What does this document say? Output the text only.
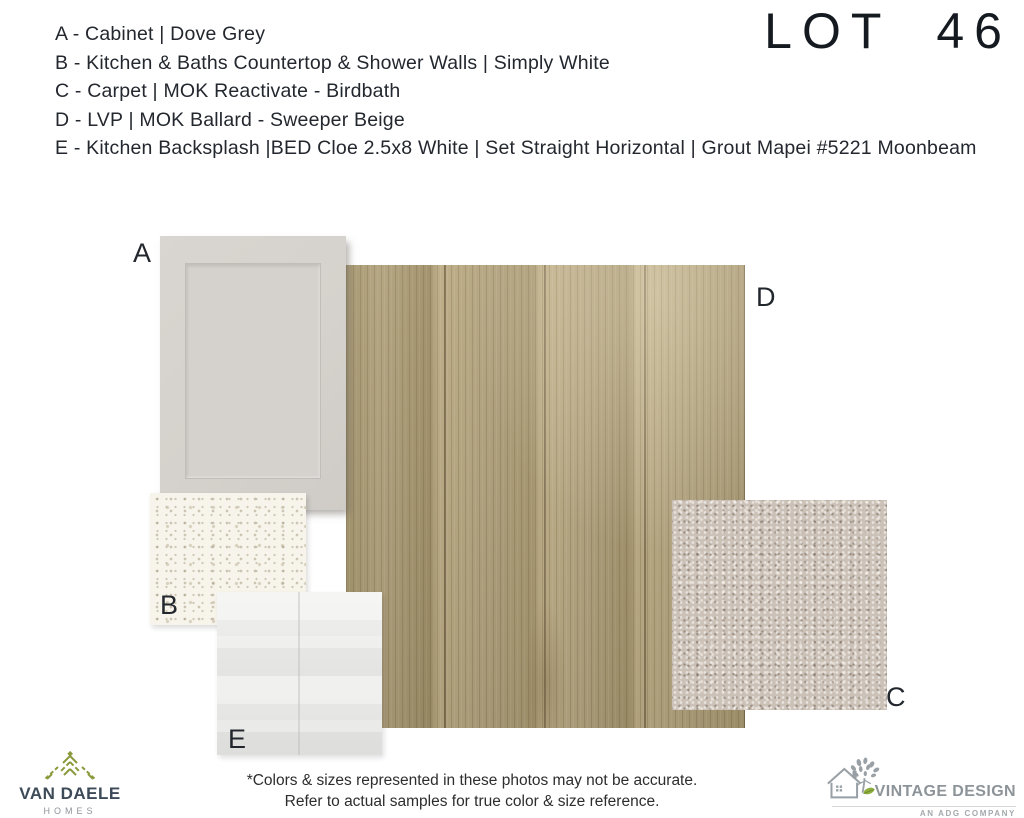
A - Cabinet | Dove Grey
B - Kitchen & Baths Countertop & Shower Walls | Simply White
C - Carpet | MOK Reactivate - Birdbath
D - LVP | MOK Ballard - Sweeper Beige
E - Kitchen Backsplash |BED Cloe 2.5x8 White | Set Straight Horizontal | Grout Mapei #5221 Moonbeam
LOT 46
A
D
B
E
C
VAN DAELE
HOMES
*Colors & sizes represented in these photos may not be accurate.
Refer to actual samples for true color & size reference.
VINTAGE DESIGN
AN ADG COMPANY
